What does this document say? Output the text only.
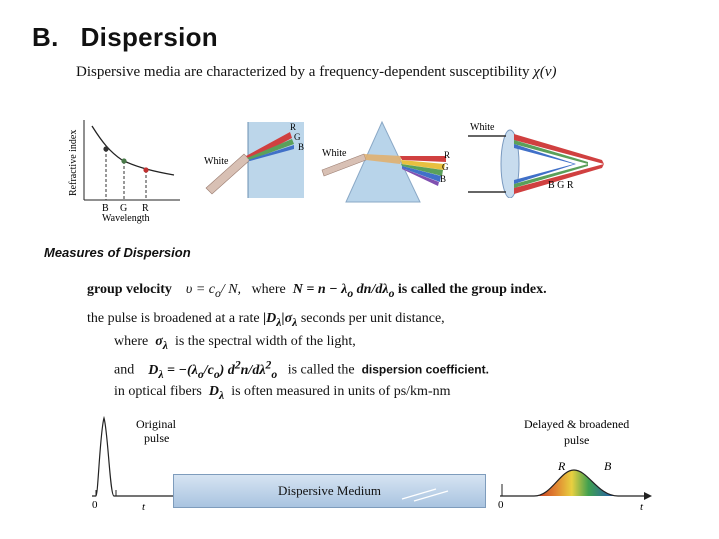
B. Dispersion
Dispersive media are characterized by a frequency-dependent susceptibility χ(ν)
Refractive index
B G R
Wavelength
White
R
G
B
White	R
G
B
White
B G R
Measures of Dispersion
group velocity $\upsilon = c_o/$ N, where $N = n - \lambda_o$ $dn/d\lambda_o$ is called the group index.
the pulse is broadened at a rate $|D_\lambda|\sigma_\lambda$ seconds per unit distance,
where $\sigma_\lambda$ is the spectral width of the light,
and $D_\lambda = -(\lambda_o/c_o)$ $d^2n/d\lambda^2_o$ is called the dispersion coefficient.
in optical fibers $D_\lambda$ is often measured in units of ps/km-nm
0	t
Original
pulse
Dispersive Medium
0	t
R	B
Delayed & broadened
pulse
